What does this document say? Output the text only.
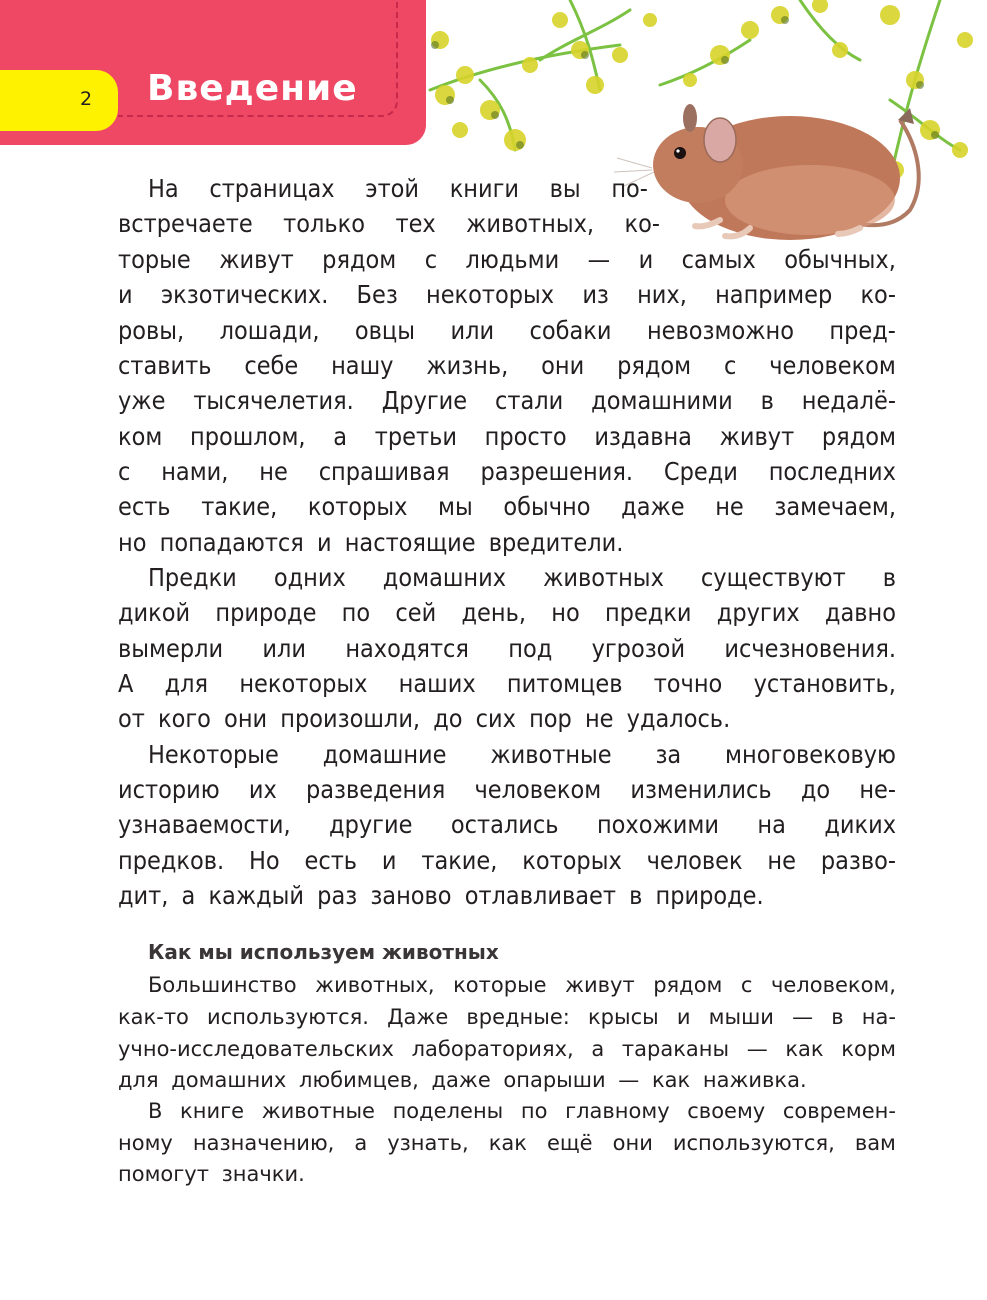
2 Введение
На страницах этой книги вы по-
встречаете только тех животных, ко-
торые живут рядом с людьми — и самых обычных,
и экзотических. Без некоторых из них, например ко-
ровы, лошади, овцы или собаки невозможно пред-
ставить себе нашу жизнь, они рядом с человеком
уже тысячелетия. Другие стали домашними в недалё-
ком прошлом, а третьи просто издавна живут рядом
с нами, не спрашивая разрешения. Среди последних
есть такие, которых мы обычно даже не замечаем,
но попадаются и настоящие вредители.
Предки одних домашних животных существуют в
дикой природе по сей день, но предки других давно
вымерли или находятся под угрозой исчезновения.
А для некоторых наших питомцев точно установить,
от кого они произошли, до сих пор не удалось.
Некоторые домашние животные за многовековую
историю их разведения человеком изменились до не-
узнаваемости, другие остались похожими на диких
предков. Но есть и такие, которых человек не разво-
дит, а каждый раз заново отлавливает в природе.
Как мы используем животных
Большинство животных, которые живут рядом с человеком,
как-то используются. Даже вредные: крысы и мыши — в на-
учно-исследовательских лабораториях, а тараканы — как корм
для домашних любимцев, даже опарыши — как наживка.
В книге животные поделены по главному своему современ-
ному назначению, а узнать, как ещё они используются, вам
помогут значки.
